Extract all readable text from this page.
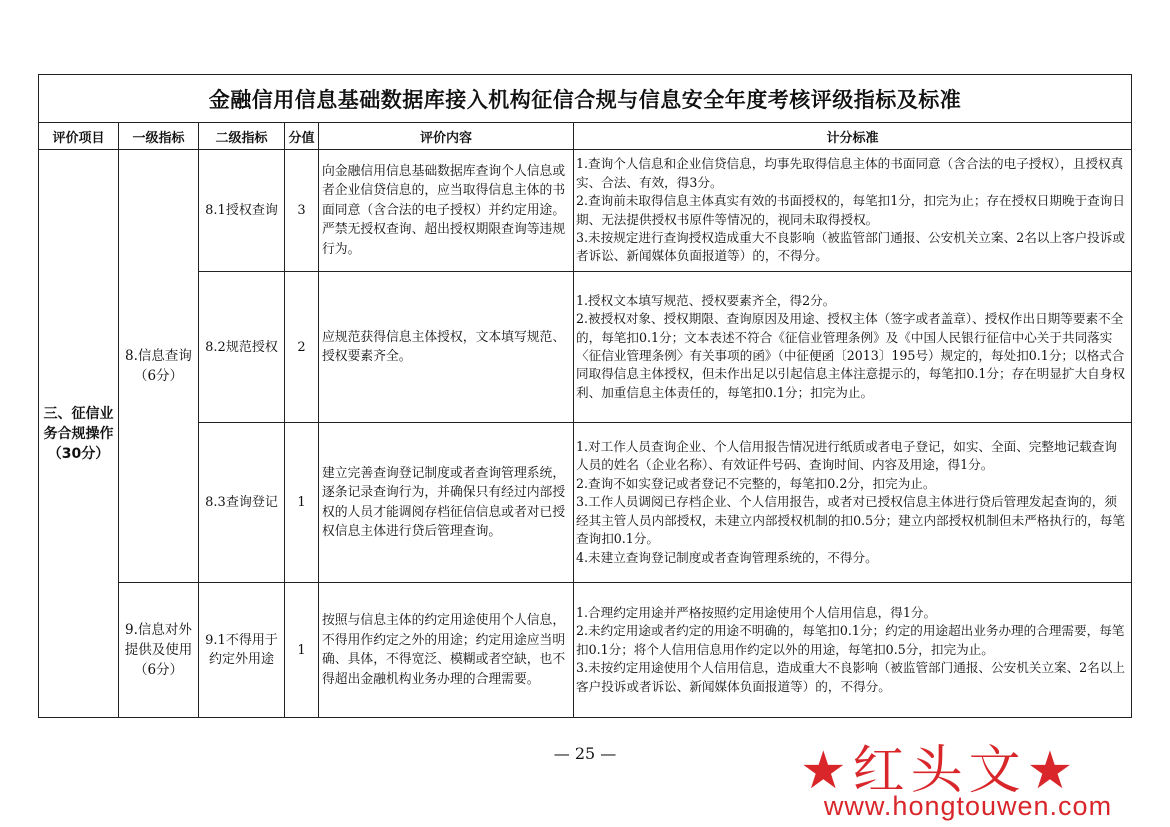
金融信用信息基础数据库接入机构征信合规与信息安全年度考核评级指标及标准					
评价项目	一级指标	二级指标	分值	评价内容	计分标准
三、征信业务合规操作（30分）	8.信息查询（6分）	8.1授权查询	3	向金融信用信息基础数据库查询个人信息或者企业信贷信息的，应当取得信息主体的书面同意（含合法的电子授权）并约定用途。严禁无授权查询、超出授权期限查询等违规行为。	1.查询个人信息和企业信贷信息，均事先取得信息主体的书面同意（含合法的电子授权），且授权真实、合法、有效，得3分。
2.查询前未取得信息主体真实有效的书面授权的，每笔扣1分，扣完为止；存在授权日期晚于查询日期、无法提供授权书原件等情况的，视同未取得授权。
3.未按规定进行查询授权造成重大不良影响（被监管部门通报、公安机关立案、2名以上客户投诉或者诉讼、新闻媒体负面报道等）的，不得分。

		8.2规范授权	2	应规范获得信息主体授权，文本填写规范、授权要素齐全。	1.授权文本填写规范、授权要素齐全，得2分。
2.被授权对象、授权期限、查询原因及用途、授权主体（签字或者盖章）、授权作出日期等要素不全的，每笔扣0.1分；文本表述不符合《征信业管理条例》及《中国人民银行征信中心关于共同落实〈征信业管理条例〉有关事项的函》（中征便函〔2013〕195号）规定的，每处扣0.1分；以格式合同取得信息主体授权，但未作出足以引起信息主体注意提示的，每笔扣0.1分；存在明显扩大自身权利、加重信息主体责任的，每笔扣0.1分；扣完为止。

		8.3查询登记	1	建立完善查询登记制度或者查询管理系统，逐条记录查询行为，并确保只有经过内部授权的人员才能调阅存档征信信息或者对已授权信息主体进行贷后管理查询。	1.对工作人员查询企业、个人信用报告情况进行纸质或者电子登记，如实、全面、完整地记载查询人员的姓名（企业名称）、有效证件号码、查询时间、内容及用途，得1分。
2.查询不如实登记或者登记不完整的，每笔扣0.2分，扣完为止。
3.工作人员调阅已存档企业、个人信用报告，或者对已授权信息主体进行贷后管理发起查询的，须经其主管人员内部授权，未建立内部授权机制的扣0.5分；建立内部授权机制但未严格执行的，每笔查询扣0.1分。
4.未建立查询登记制度或者查询管理系统的，不得分。

	9.信息对外提供及使用（6分）	9.1不得用于约定外用途	1	按照与信息主体的约定用途使用个人信息，不得用作约定之外的用途；约定用途应当明确、具体，不得宽泛、模糊或者空缺，也不得超出金融机构业务办理的合理需要。	1.合理约定用途并严格按照约定用途使用个人信用信息，得1分。
2.未约定用途或者约定的用途不明确的，每笔扣0.1分；约定的用途超出业务办理的合理需要，每笔扣0.1分；将个人信用信息用作约定以外的用途，每笔扣0.5分，扣完为止。
3.未按约定用途使用个人信用信息，造成重大不良影响（被监管部门通报、公安机关立案、2名以上客户投诉或者诉讼、新闻媒体负面报道等）的，不得分。
— 25 —	★红头文★
www.hongtouwen.com
